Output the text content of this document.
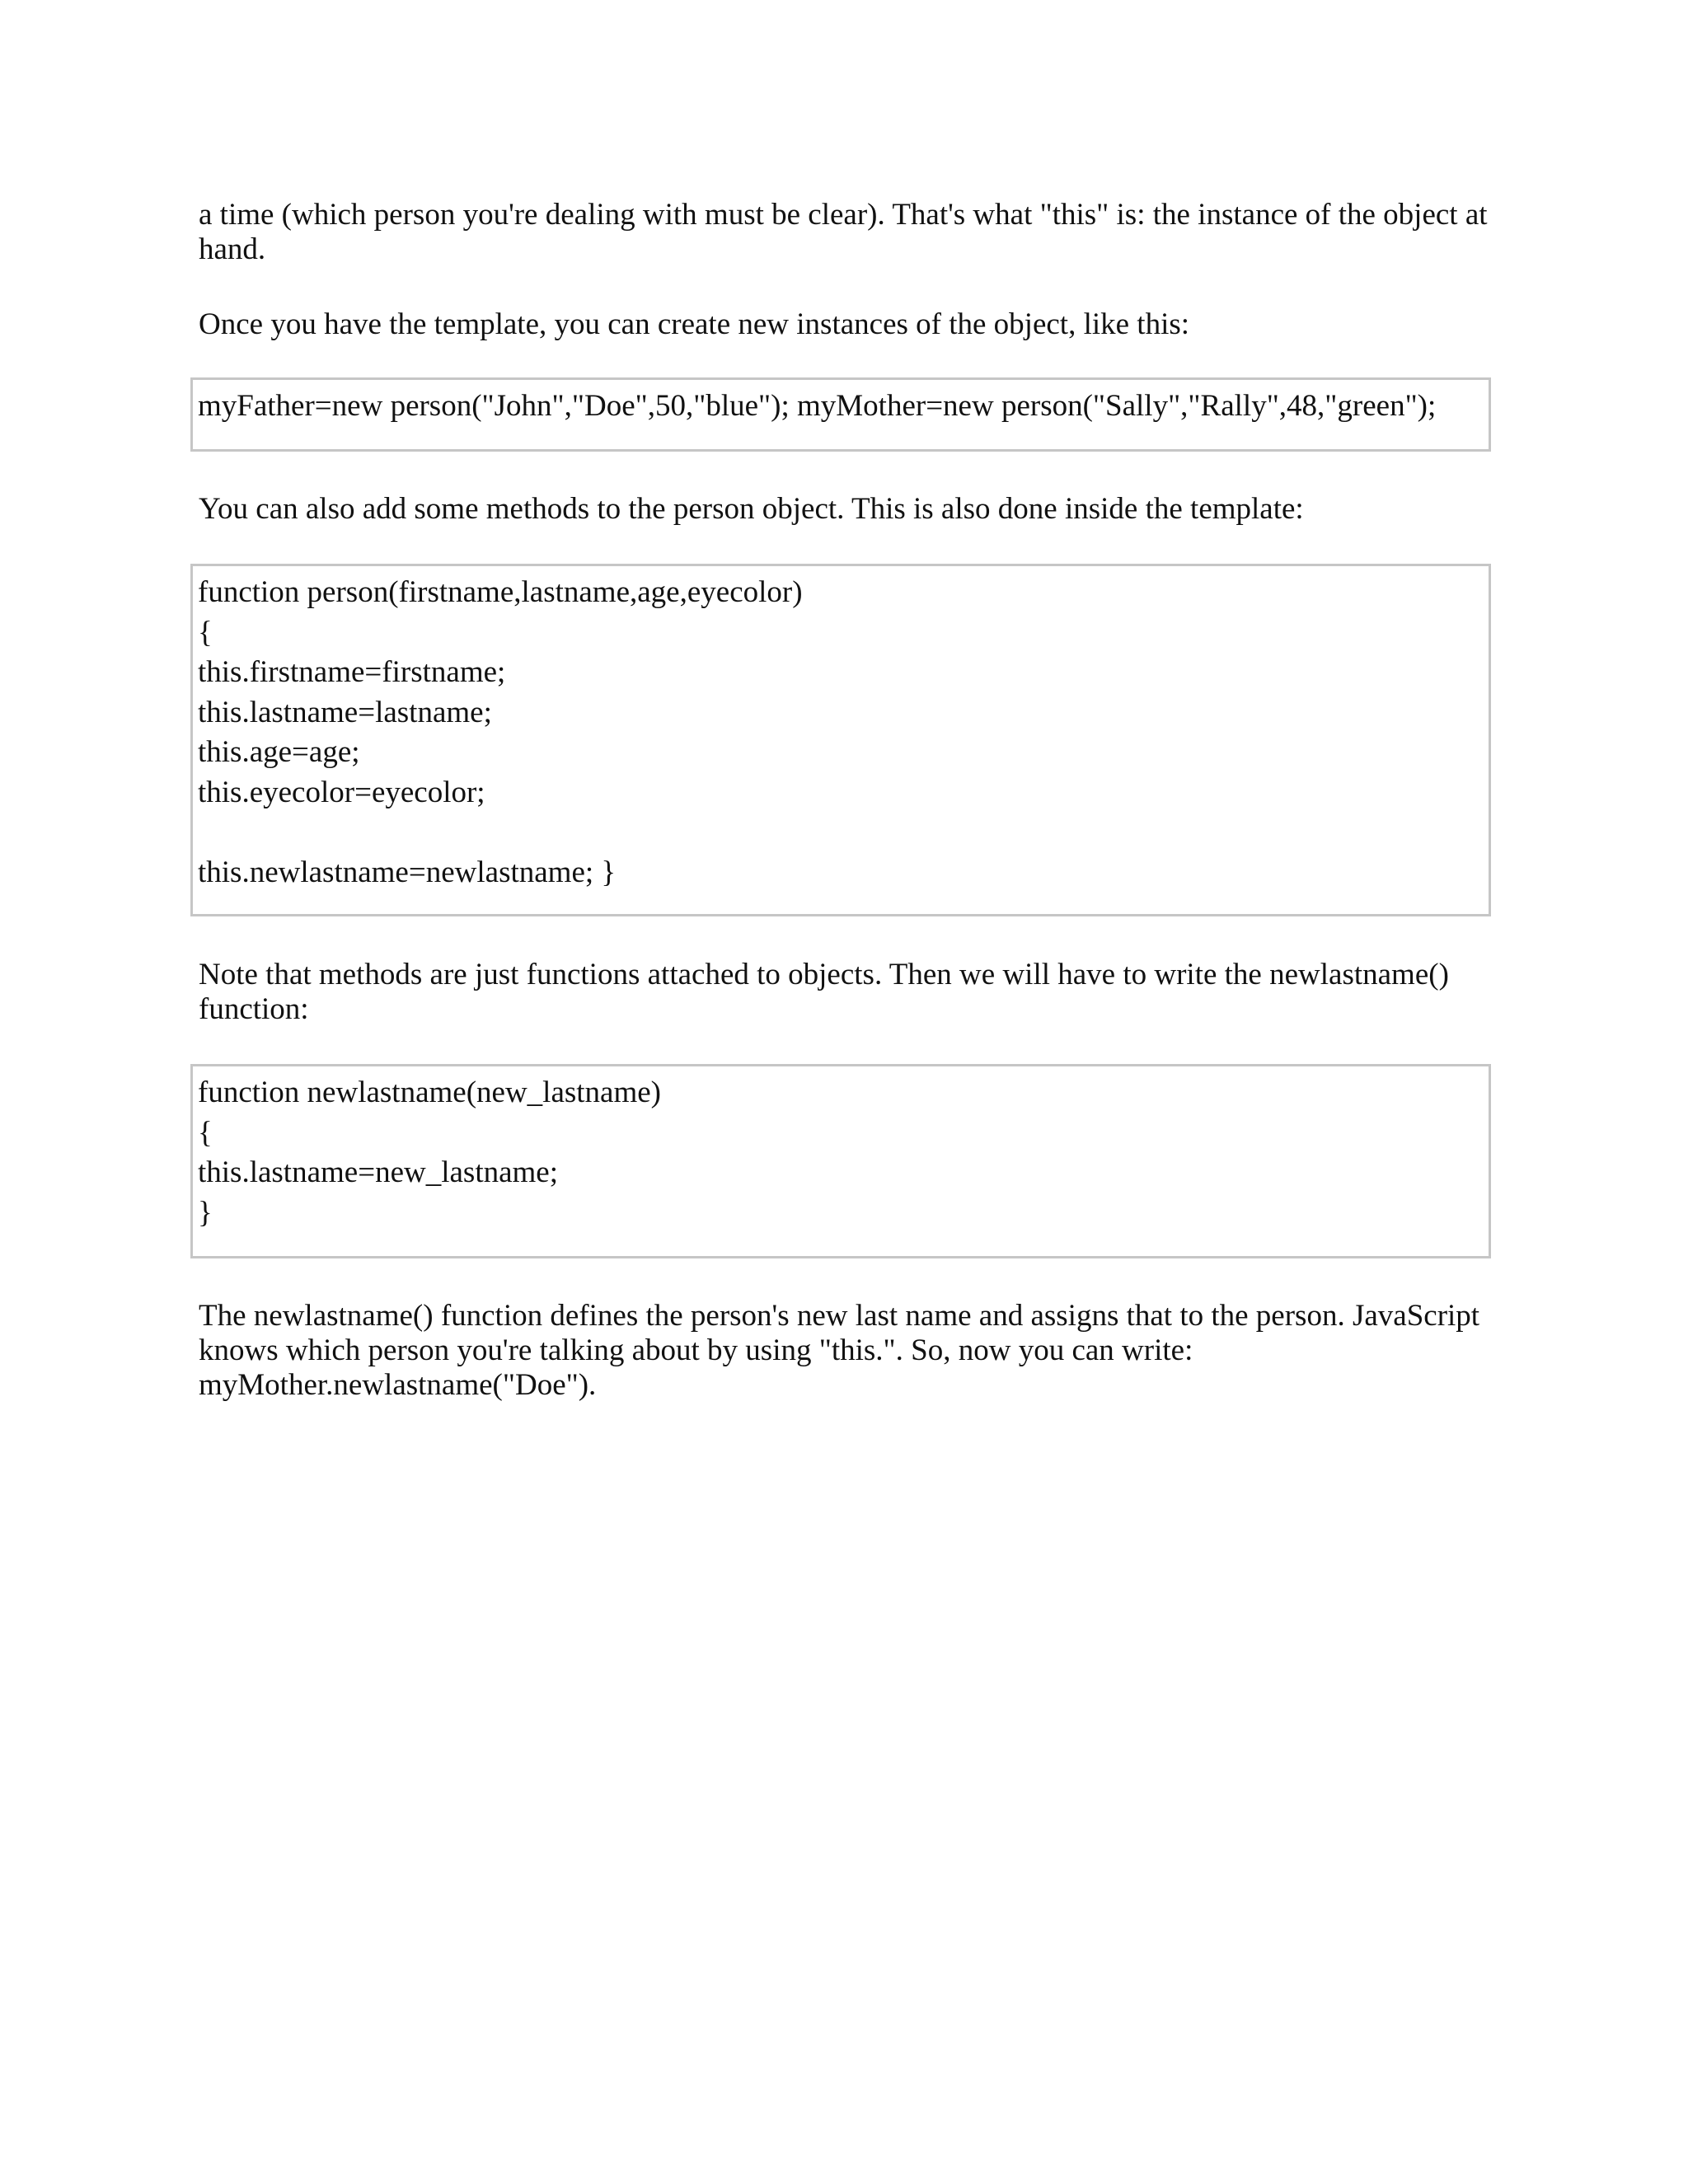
a time (which person you're dealing with must be clear). That's what "this" is: the instance of the object at hand.

Once you have the template, you can create new instances of the object, like this:

myFather=new person("John","Doe",50,"blue"); myMother=new person("Sally","Rally",48,"green");

You can also add some methods to the person object. This is also done inside the template:

function person(firstname,lastname,age,eyecolor)
{
this.firstname=firstname;
this.lastname=lastname;
this.age=age;
this.eyecolor=eyecolor;
this.newlastname=newlastname; }

Note that methods are just functions attached to objects. Then we will have to write the newlastname() function:

function newlastname(new_lastname)
{
this.lastname=new_lastname;
}

The newlastname() function defines the person's new last name and assigns that to the person. JavaScript knows which person you're talking about by using "this.". So, now you can write: myMother.newlastname("Doe").
